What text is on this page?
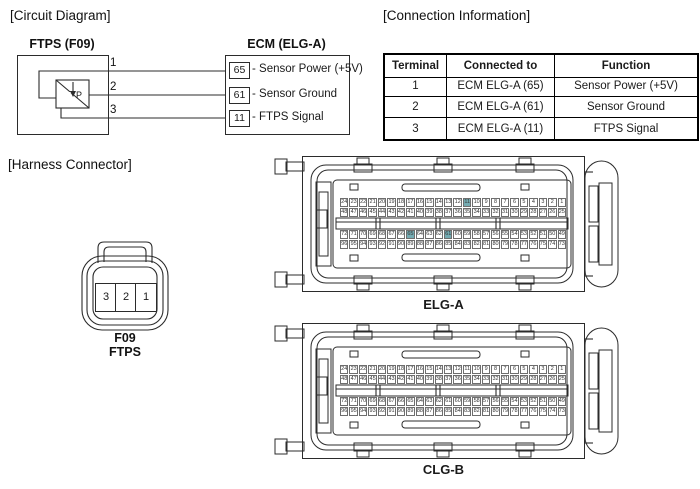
[Circuit Diagram]
FTPS (F09)	ECM (ELG-A)
P
1
2
3
65 - Sensor Power (+5V)
61 - Sensor Ground
11 - FTPS Signal
[Connection Information]
Terminal	Connected to	Function
1	ECM ELG-A (65)	Sensor Power (+5V)
2	ECM ELG-A (61)	Sensor Ground
3	ECM ELG-A (11)	FTPS Signal
[Harness Connector]
3	2	1
F09
FTPS
24 23 22 21 20 19 18 17 16 15 14 13 12 11 10 9	8	7	6	5	4	3	2	1
48 47 46 45 44 43 42 41 40 39 38 37 36 35 34 33 32 31 30 29 28 27 26 25
72 71 70 69 68 67 66 65 64 63 62 61 60 59 58 57 56 55 54 53 52 51 50 49
96 95 94 93 92 91 90 89 88 87 86 85 84 83 82 81 80 79 78 77 76 75 74 73
ELG-A
24 23 22 21 20 19 18 17 16 15 14 13 12 11 10 9	8	7	6	5	4	3	2	1
48 47 46 45 44 43 42 41 40 39 38 37 36 35 34 33 32 31 30 29 28 27 26 25
72 71 70 69 68 67 66 65 64 63 62 61 60 59 58 57 56 55 54 53 52 51 50 49
96 95 94 93 92 91 90 89 88 87 86 85 84 83 82 81 80 79 78 77 76 75 74 73
CLG-B
